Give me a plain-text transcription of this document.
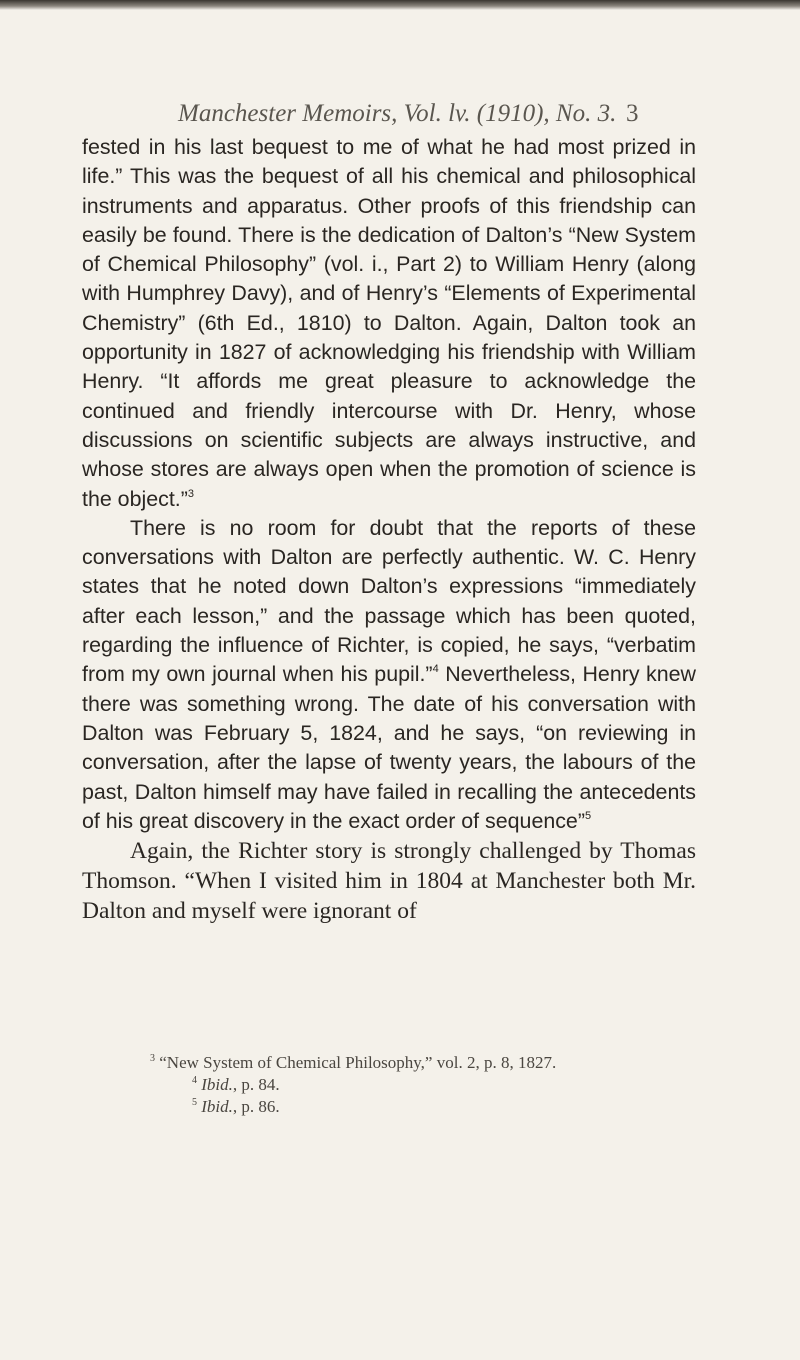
Manchester Memoirs, Vol. lv. (1910), No. 3. 3

fested in his last bequest to me of what he had most prized in life.” This was the bequest of all his chemical and philosophical instruments and apparatus. Other proofs of this friendship can easily be found. There is the dedication of Dalton’s “New System of Chemical Philosophy” (vol. i., Part 2) to William Henry (along with Humphrey Davy), and of Henry’s “Elements of Experimental Chemistry” (6th Ed., 1810) to Dalton. Again, Dalton took an opportunity in 1827 of acknowledging his friendship with William Henry. “It affords me great pleasure to acknowledge the continued and friendly intercourse with Dr. Henry, whose discussions on scientific subjects are always instructive, and whose stores are always open when the promotion of science is the object.”$^3$

There is no room for doubt that the reports of these conversations with Dalton are perfectly authentic. W. C. Henry states that he noted down Dalton’s expressions “immediately after each lesson,” and the passage which has been quoted, regarding the influence of Richter, is copied, he says, “verbatim from my own journal when his pupil.”$^4$ Nevertheless, Henry knew there was something wrong. The date of his conversation with Dalton was February 5, 1824, and he says, “on reviewing in conversation, after the lapse of twenty years, the labours of the past, Dalton himself may have failed in recalling the antecedents of his great discovery in the exact order of sequence”$^5$

Again, the Richter story is strongly challenged by Thomas Thomson. “When I visited him in 1804 at Manchester both Mr. Dalton and myself were ignorant of

$^3$ “New System of Chemical Philosophy,” vol. 2, p. 8, 1827.
$^4$ Ibid., p. 84.
$^5$ Ibid., p. 86.
